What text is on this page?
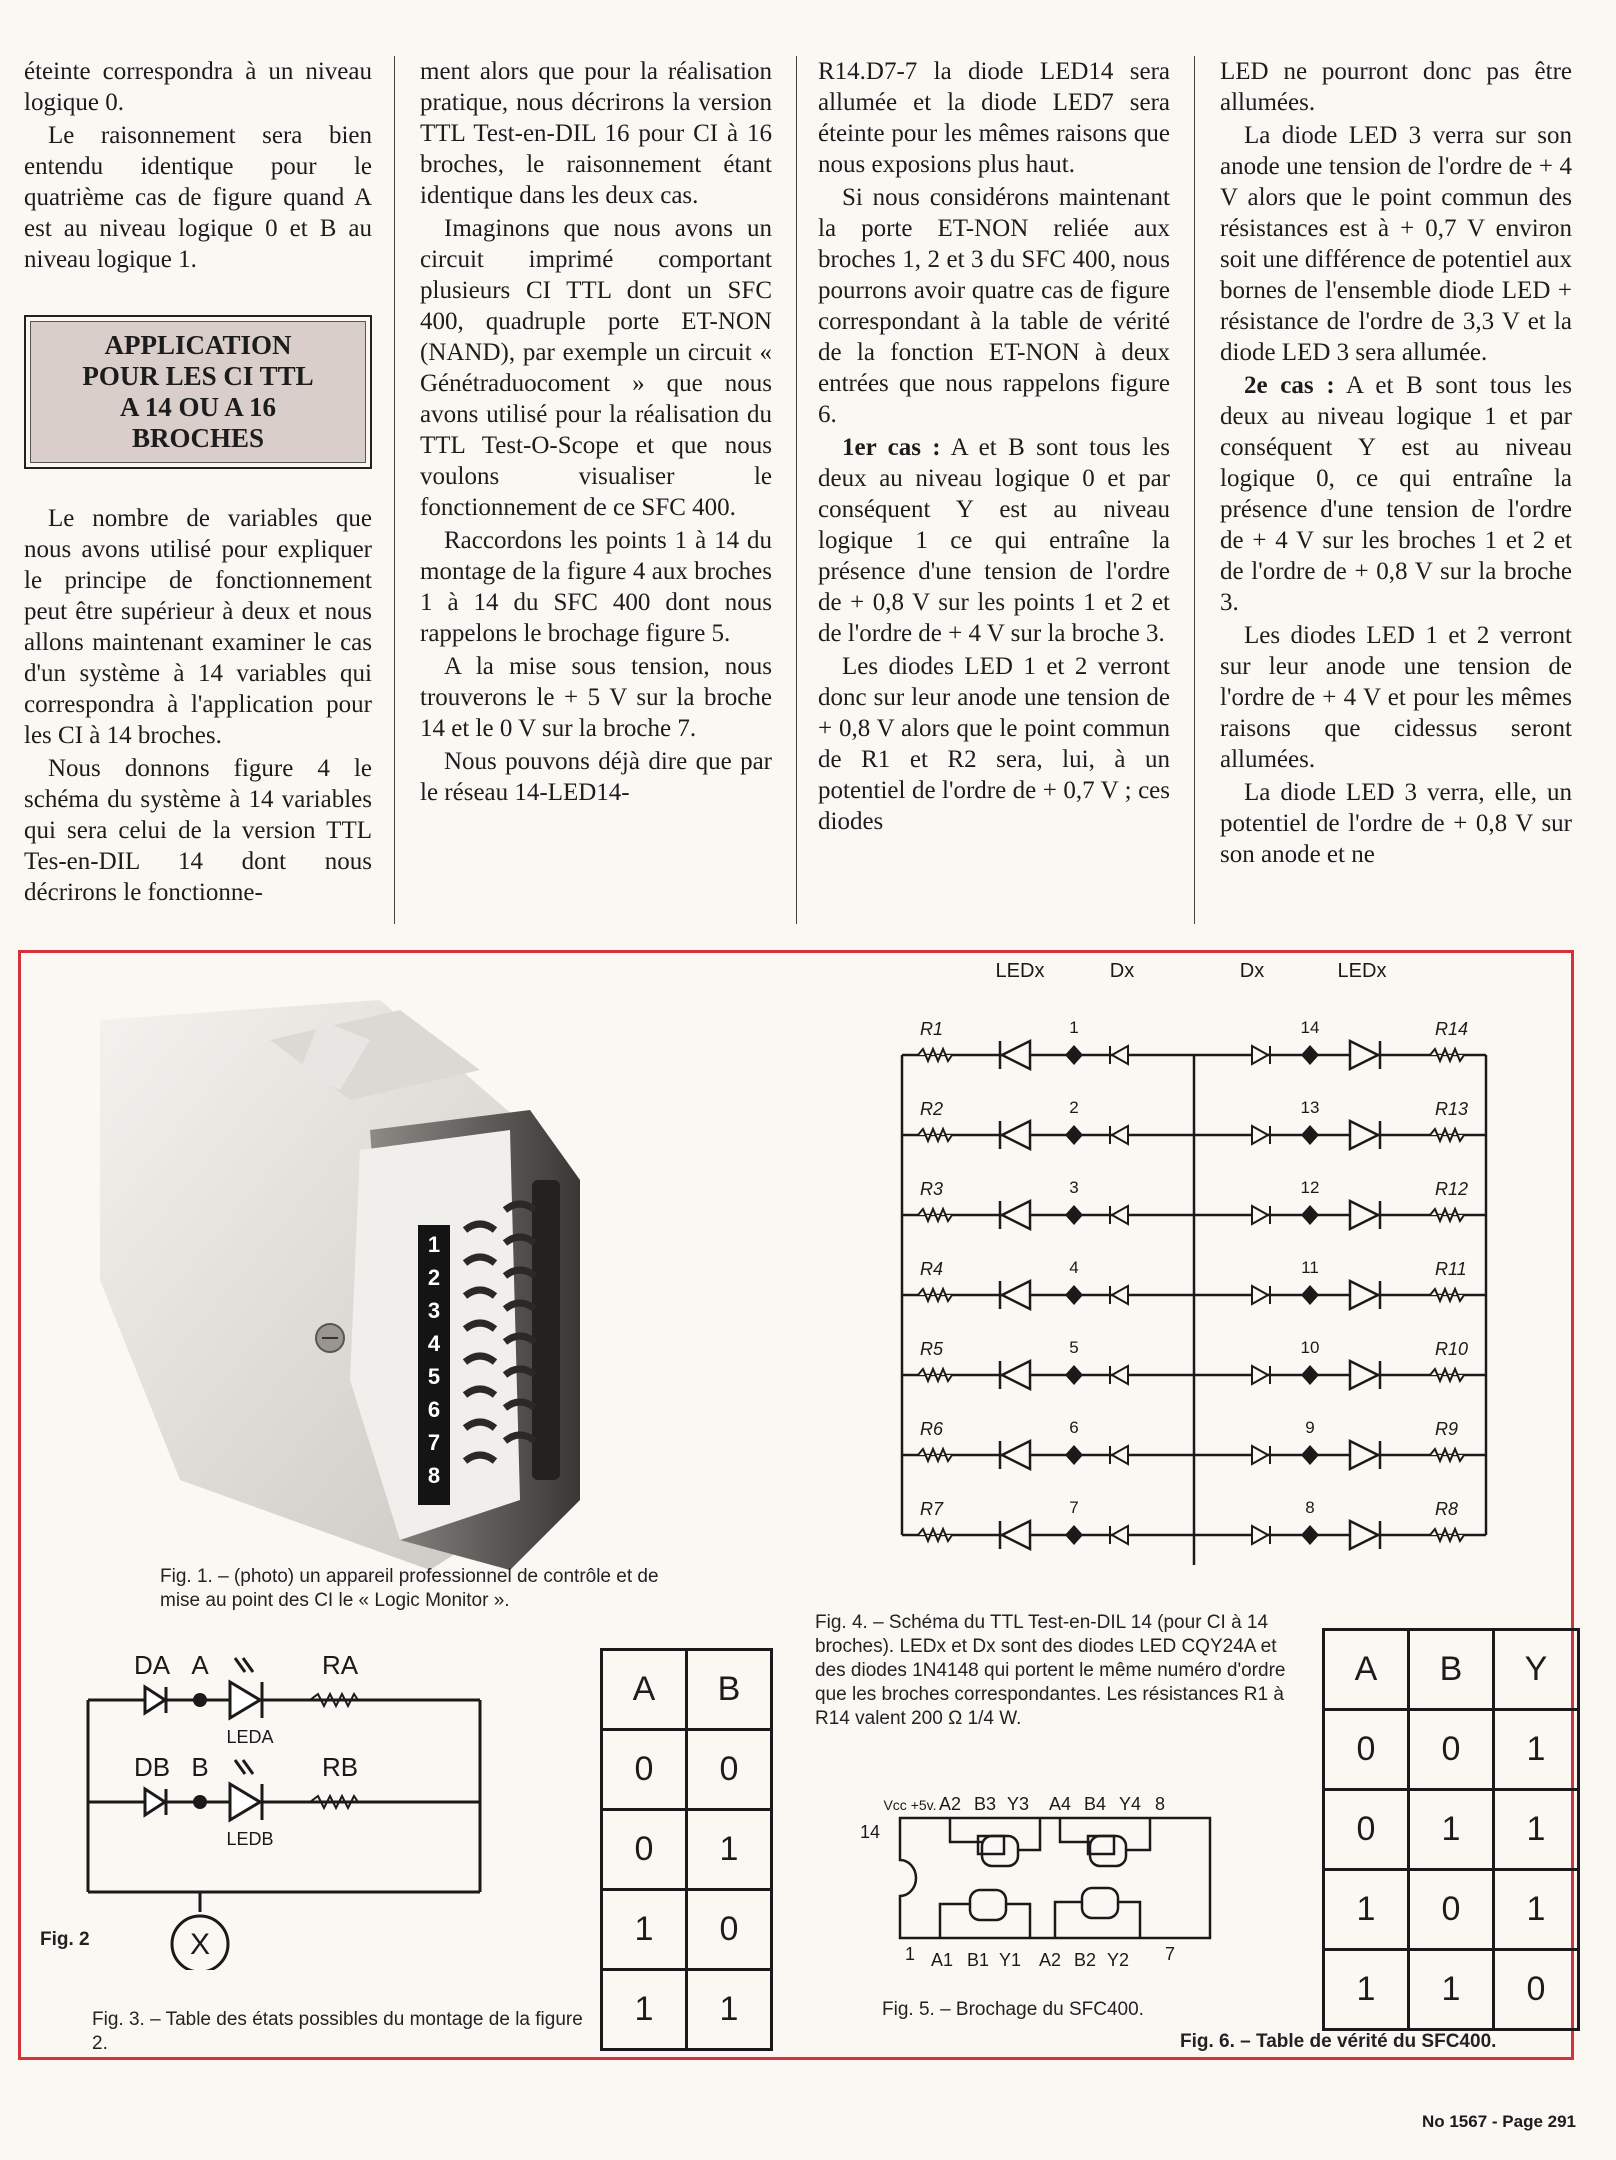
éteinte correspondra à un niveau logique 0.

Le raisonnement sera bien entendu identique pour le quatrième cas de figure quand A est au niveau logique 0 et B au niveau logique 1.

APPLICATION
POUR LES CI TTL
A 14 OU A 16
BROCHES

Le nombre de variables que nous avons utilisé pour expliquer le principe de fonctionnement peut être supérieur à deux et nous allons maintenant examiner le cas d'un système à 14 variables qui correspondra à l'application pour les CI à 14 broches.

Nous donnons figure 4 le schéma du système à 14 variables qui sera celui de la version TTL Tes-en-DIL 14 dont nous décrirons le fonctionne-

ment alors que pour la réalisation pratique, nous décrirons la version TTL Test-en-DIL 16 pour CI à 16 broches, le raisonnement étant identique dans les deux cas.

Imaginons que nous avons un circuit imprimé comportant plusieurs CI TTL dont un SFC 400, quadruple porte ET-NON (NAND), par exemple un circuit « Génétraduocoment » que nous avons utilisé pour la réalisation du TTL Test-O-Scope et que nous voulons visualiser le fonctionnement de ce SFC 400.

Raccordons les points 1 à 14 du montage de la figure 4 aux broches 1 à 14 du SFC 400 dont nous rappelons le brochage figure 5.

A la mise sous tension, nous trouverons le + 5 V sur la broche 14 et le 0 V sur la broche 7.

Nous pouvons déjà dire que par le réseau 14-LED14-

R14.D7-7 la diode LED14 sera allumée et la diode LED7 sera éteinte pour les mêmes raisons que nous exposions plus haut.

Si nous considérons maintenant la porte ET-NON reliée aux broches 1, 2 et 3 du SFC 400, nous pourrons avoir quatre cas de figure correspondant à la table de vérité de la fonction ET-NON à deux entrées que nous rappelons figure 6.

1er cas : A et B sont tous les deux au niveau logique 0 et par conséquent Y est au niveau logique 1 ce qui entraîne la présence d'une tension de l'ordre de + 0,8 V sur les points 1 et 2 et de l'ordre de + 4 V sur la broche 3.

Les diodes LED 1 et 2 verront donc sur leur anode une tension de + 0,8 V alors que le point commun de R1 et R2 sera, lui, à un potentiel de l'ordre de + 0,7 V ; ces diodes

LED ne pourront donc pas être allumées.

La diode LED 3 verra sur son anode une tension de l'ordre de + 4 V alors que le point commun des résistances est à + 0,7 V environ soit une différence de potentiel aux bornes de l'ensemble diode LED + résistance de l'ordre de 3,3 V et la diode LED 3 sera allumée.

2e cas : A et B sont tous les deux au niveau logique 1 et par conséquent Y est au niveau logique 0, ce qui entraîne la présence d'une tension de l'ordre de + 4 V sur les broches 1 et 2 et de l'ordre de + 0,8 V sur la broche 3.

Les diodes LED 1 et 2 verront sur leur anode une tension de l'ordre de + 4 V et pour les mêmes raisons que cidessus seront allumées.

La diode LED 3 verra, elle, un potentiel de l'ordre de + 0,8 V sur son anode et ne

1
2
3
4
5
6
7
8
Fig. 1. – (photo) un appareil professionnel de contrôle et de mise au point des CI le « Logic Monitor ».
DA A	RA
LEDA
DB B	RB
LEDB
X
Fig. 2
A	B
0	0
0	1
1	0
1	1
Fig. 3. – Table des états possibles du montage de la figure 2.
LEDx	Dx	Dx	LEDx
R1	1	14	R14
R2	2	13	R13
R3	3	12	R12
R4	4	11	R11
R5	5	10	R10
R6	6	9	R9
R7	7	8	R8
Fig. 4. – Schéma du TTL Test-en-DIL 14 (pour CI à 14 broches). LEDx et Dx sont des diodes LED CQY24A et des diodes 1N4148 qui portent le même numéro d'ordre que les broches correspondantes. Les résistances R1 à R14 valent 200 Ω 1/4 W.
Vcc +5v. A2 B3 Y3 A4 B4 Y4 8
14
1 A1 B1 Y1 A2 B2 Y2 7
Fig. 5. – Brochage du SFC400.
A	B	Y
0	0	1
0	1	1
1	0	1
1	1	0
Fig. 6. – Table de vérité du SFC400.
No 1567 - Page 291
